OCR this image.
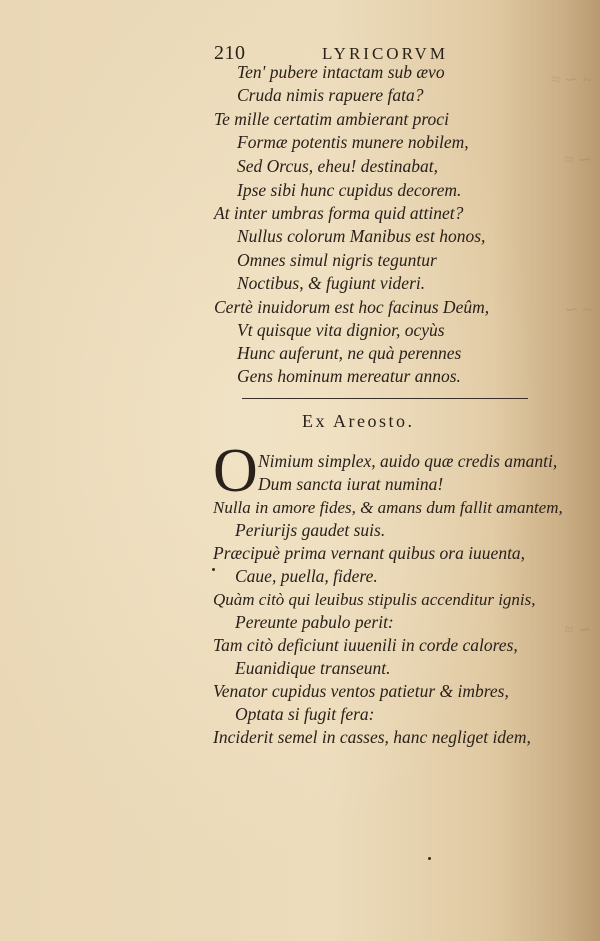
≈ ∽ ~
≈ ∽
∽ ~
≈ ∽
210	LYRICORVM
Ten' pubere intactam sub ævo
Cruda nimis rapuere fata?
Te mille certatim ambierant proci
Formæ potentis munere nobilem,
Sed Orcus, eheu! destinabat,
Ipse sibi hunc cupidus decorem.
At inter umbras forma quid attinet?
Nullus colorum Manibus est honos,
Omnes simul nigris teguntur
Noctibus, & fugiunt videri.
Certè inuidorum est hoc facinus Deûm,
Vt quisque vita dignior, ocyùs
Hunc auferunt, ne quà perennes
Gens hominum mereatur annos.
Ex Areosto.
O Nimium simplex, auido quæ credis amanti,
Dum sancta iurat numina!
Nulla in amore fides, & amans dum fallit amantem,
Periurijs gaudet suis.
Præcipuè prima vernant quibus ora iuuenta,
Caue, puella, fidere.
Quàm citò qui leuibus stipulis accenditur ignis,
Pereunte pabulo perit:
Tam citò deficiunt iuuenili in corde calores,
Euanidique transeunt.
Venator cupidus ventos patietur & imbres,
Optata si fugit fera:
Inciderit semel in casses, hanc negliget idem,
